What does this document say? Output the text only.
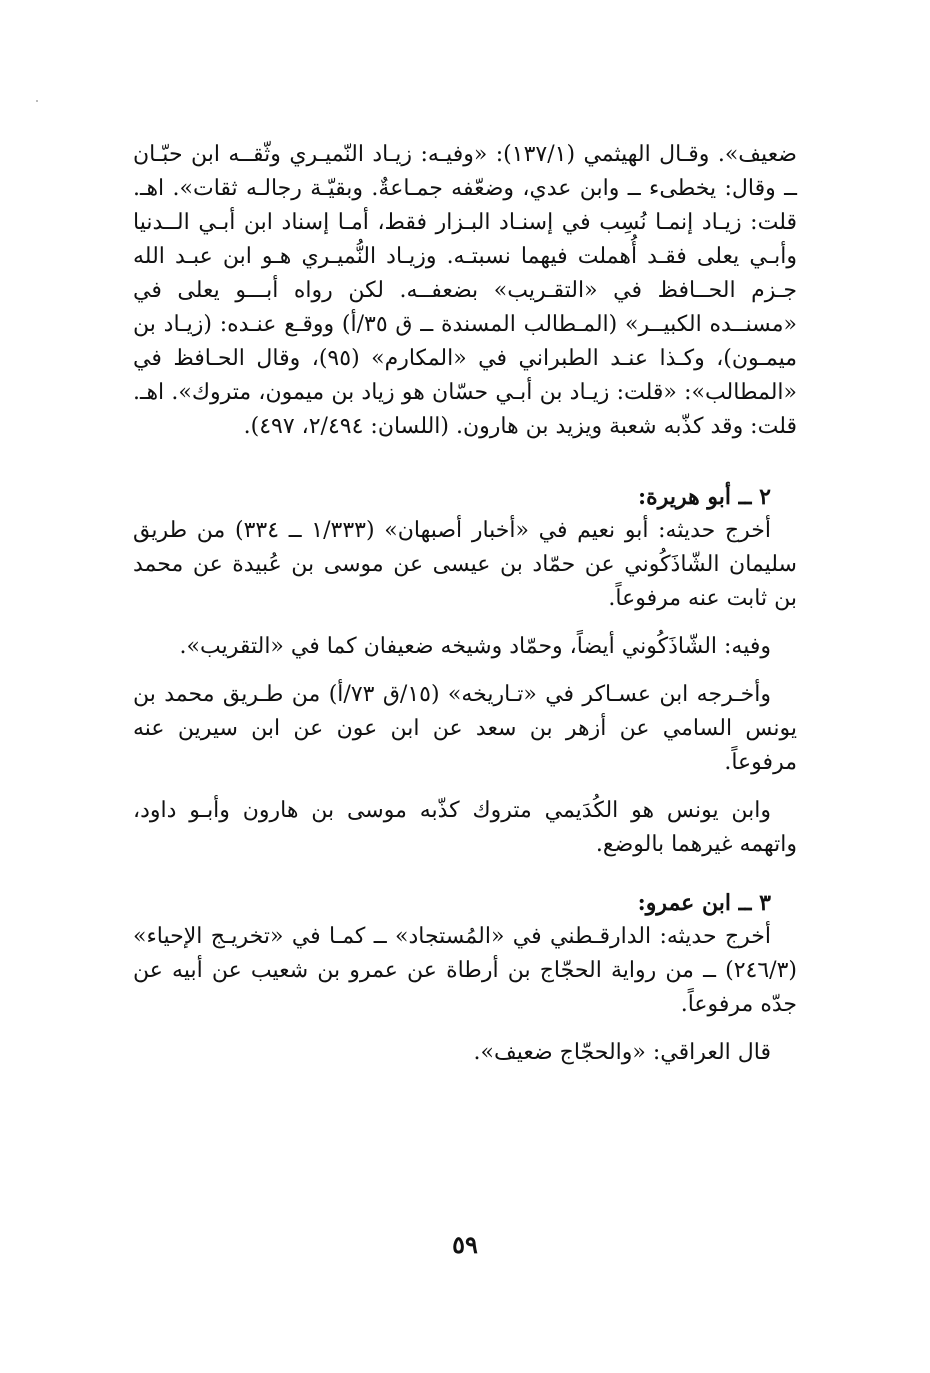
ضعيف». وقـال الهيثمي (١٣٧/١): «وفيـه: زيـاد النّميـري وثّقــه ابن حبّـان ــ وقال: يخطىء ــ وابن عدي، وضعّفه جمـاعةٌ. وبقيّـة رجالـه ثقات». اهـ. قلت: زيـاد إنمـا نُسِب في إسنـاد البـزار فقط، أمـا إسناد ابن أبـي الــدنيا وأبـي يعلى فقـد أُهملت فيهما نسبتـه. وزيـاد النُّميـري هـو ابن عبـد الله جـزم الحــافظ في «التقـريب» بضعفــه. لكن رواه أبـــو يعلى في «مسنــده الكبيــر» (المـطالب المسندة ــ ق ٣٥/أ) ووقـع عنـده: (زيـاد بن ميمـون)، وكـذا عنـد الطبراني في «المكارم» (٩٥)، وقال الحـافظ في «المطالب»: «قلت: زيـاد بن أبـي حسّان هو زياد بن ميمون، متروك». اهـ. قلت: وقد كذّبه شعبة ويزيد بن هارون. (اللسان: ٢/٤٩٤، ٤٩٧).

٢ ــ أبو هريرة:

أخرج حديثه: أبو نعيم في «أخبار أصبهان» (١/٣٣٣ ــ ٣٣٤) من طريق سليمان الشّاذَكُوني عن حمّاد بن عيسى عن موسى بن عُبيدة عن محمد بن ثابت عنه مرفوعاً.

وفيه: الشّاذَكُوني أيضاً، وحمّاد وشيخه ضعيفان كما في «التقريب».

وأخـرجه ابن عسـاكر في «تـاريخه» (١٥/ق ٧٣/أ) من طـريق محمد بن يونس السامي عن أزهر بن سعد عن ابن عون عن ابن سيرين عنه مرفوعاً.

وابن يونس هو الكُدَيمي متروك كذّبه موسى بن هارون وأبـو داود، واتهمه غيرهما بالوضع.

٣ ــ ابن عمرو:

أخرج حديثه: الدارقـطني في «المُستجاد» ــ كمـا في «تخريـج الإحياء» (٢٤٦/٣) ــ من رواية الحجّاج بن أرطاة عن عمرو بن شعيب عن أبيه عن جدّه مرفوعاً.

قال العراقي: «والحجّاج ضعيف».

٥٩
